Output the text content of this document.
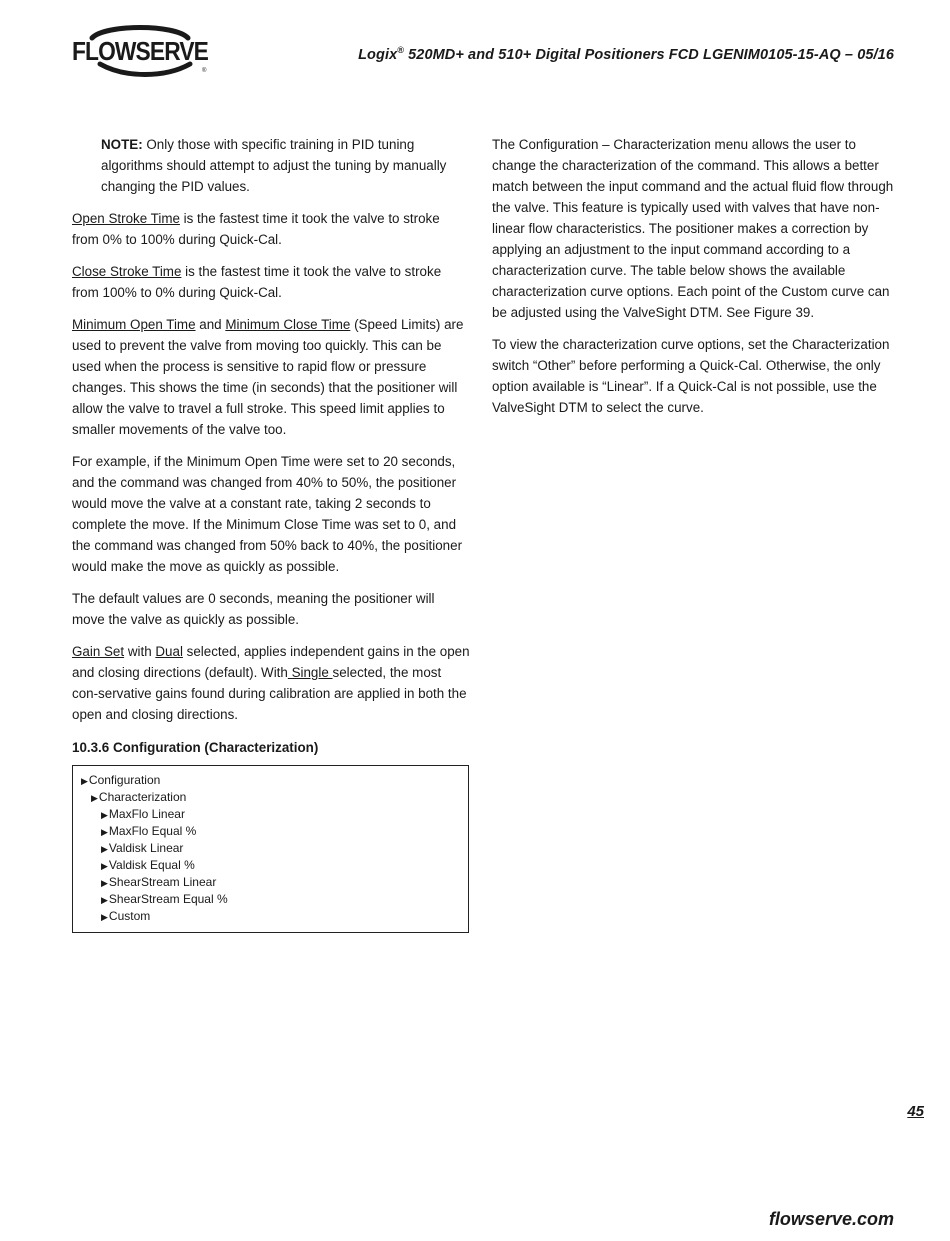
FLOWSERVE
®
Logix® 520MD+ and 510+ Digital Positioners FCD LGENIM0105-15-AQ – 05/16

NOTE: Only those with specific training in PID tuning algorithms should attempt to adjust the tuning by manually changing the PID values.

Open Stroke Time is the fastest time it took the valve to stroke from 0% to 100% during Quick-Cal.

Close Stroke Time is the fastest time it took the valve to stroke from 100% to 0% during Quick-Cal.

Minimum Open Time and Minimum Close Time (Speed Limits) are used to prevent the valve from moving too quickly. This can be used when the process is sensitive to rapid flow or pressure changes. This shows the time (in seconds) that the positioner will allow the valve to travel a full stroke. This speed limit applies to smaller movements of the valve too.

For example, if the Minimum Open Time were set to 20 seconds, and the command was changed from 40% to 50%, the positioner would move the valve at a constant rate, taking 2 seconds to complete the move. If the Minimum Close Time was set to 0, and the command was changed from 50% back to 40%, the positioner would make the move as quickly as possible.

The default values are 0 seconds, meaning the positioner will move the valve as quickly as possible.

Gain Set with Dual selected, applies independent gains in the open and closing directions (default). With Single selected, the most con-servative gains found during calibration are applied in both the open and closing directions.

10.3.6 Configuration (Characterization)
▶Configuration
▶Characterization
▶MaxFlo Linear
▶MaxFlo Equal %
▶Valdisk Linear
▶Valdisk Equal %
▶ShearStream Linear
▶ShearStream Equal %
▶Custom

The Configuration – Characterization menu allows the user to change the characterization of the command. This allows a better match between the input command and the actual fluid flow through the valve. This feature is typically used with valves that have non-linear flow characteristics. The positioner makes a correction by applying an adjustment to the input command according to a characterization curve. The table below shows the available characterization curve options. Each point of the Custom curve can be adjusted using the ValveSight DTM. See Figure 39.

To view the characterization curve options, set the Characterization switch “Other” before performing a Quick-Cal. Otherwise, the only option available is “Linear”. If a Quick-Cal is not possible, use the ValveSight DTM to select the curve.

45
flowserve.com
